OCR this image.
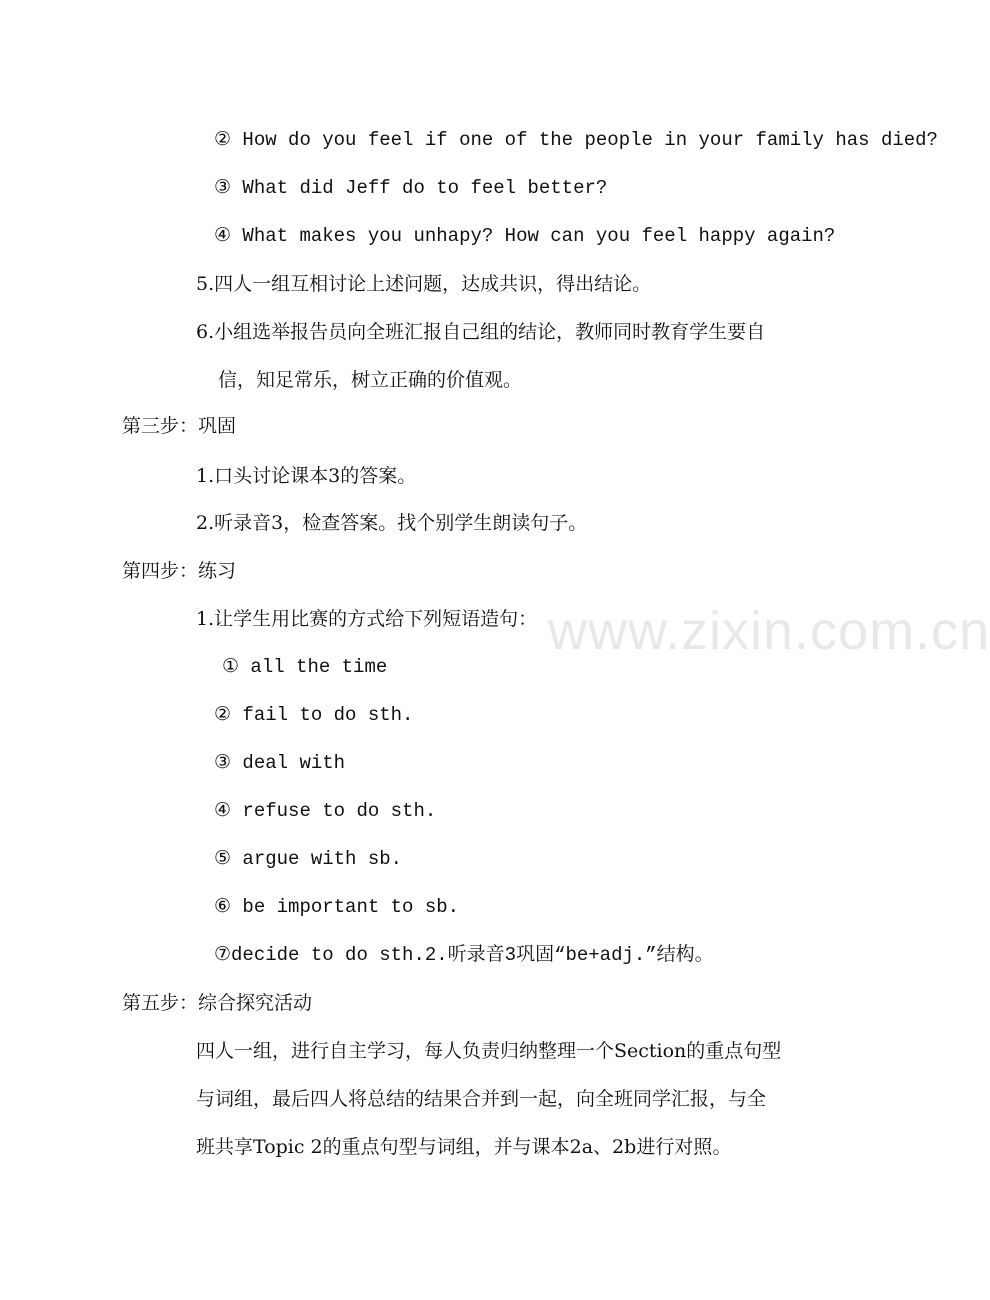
② How do you feel if one of the people in your family has died?
③ What did Jeff do to feel better?
④ What makes you unhapy? How can you feel happy again?
5.四人一组互相讨论上述问题，达成共识，得出结论。
6.小组选举报告员向全班汇报自己组的结论，教师同时教育学生要自
信，知足常乐，树立正确的价值观。
第三步：巩固
1.口头讨论课本3的答案。
2.听录音3，检查答案。找个别学生朗读句子。
第四步：练习
1.让学生用比赛的方式给下列短语造句：
① all the time
② fail to do sth.
③ deal with
④ refuse to do sth.
⑤ argue with sb.
⑥ be important to sb.
⑦decide to do sth.2.听录音3巩固“be+adj.”结构。
第五步：综合探究活动
四人一组，进行自主学习，每人负责归纳整理一个Section的重点句型
与词组，最后四人将总结的结果合并到一起，向全班同学汇报，与全
班共享Topic 2的重点句型与词组，并与课本2a、2b进行对照。
www.zixin.com.cn
